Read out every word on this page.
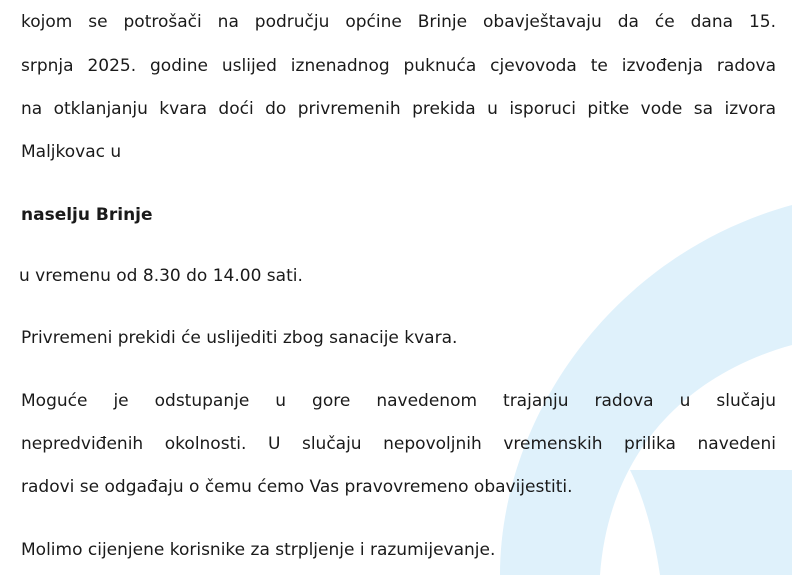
kojom se potrošači na području općine Brinje obavještavaju da će dana 15.

srpnja 2025. godine uslijed iznenadnog puknuća cjevovoda te izvođenja radova

na otklanjanju kvara doći do privremenih prekida u isporuci pitke vode sa izvora

Maljkovac u

naselju Brinje

u vremenu od 8.30 do 14.00 sati.

Privremeni prekidi će uslijediti zbog sanacije kvara.

Moguće je odstupanje u gore navedenom trajanju radova u slučaju

nepredviđenih okolnosti. U slučaju nepovoljnih vremenskih prilika navedeni

radovi se odgađaju o čemu ćemo Vas pravovremeno obavijestiti.

Molimo cijenjene korisnike za strpljenje i razumijevanje.
